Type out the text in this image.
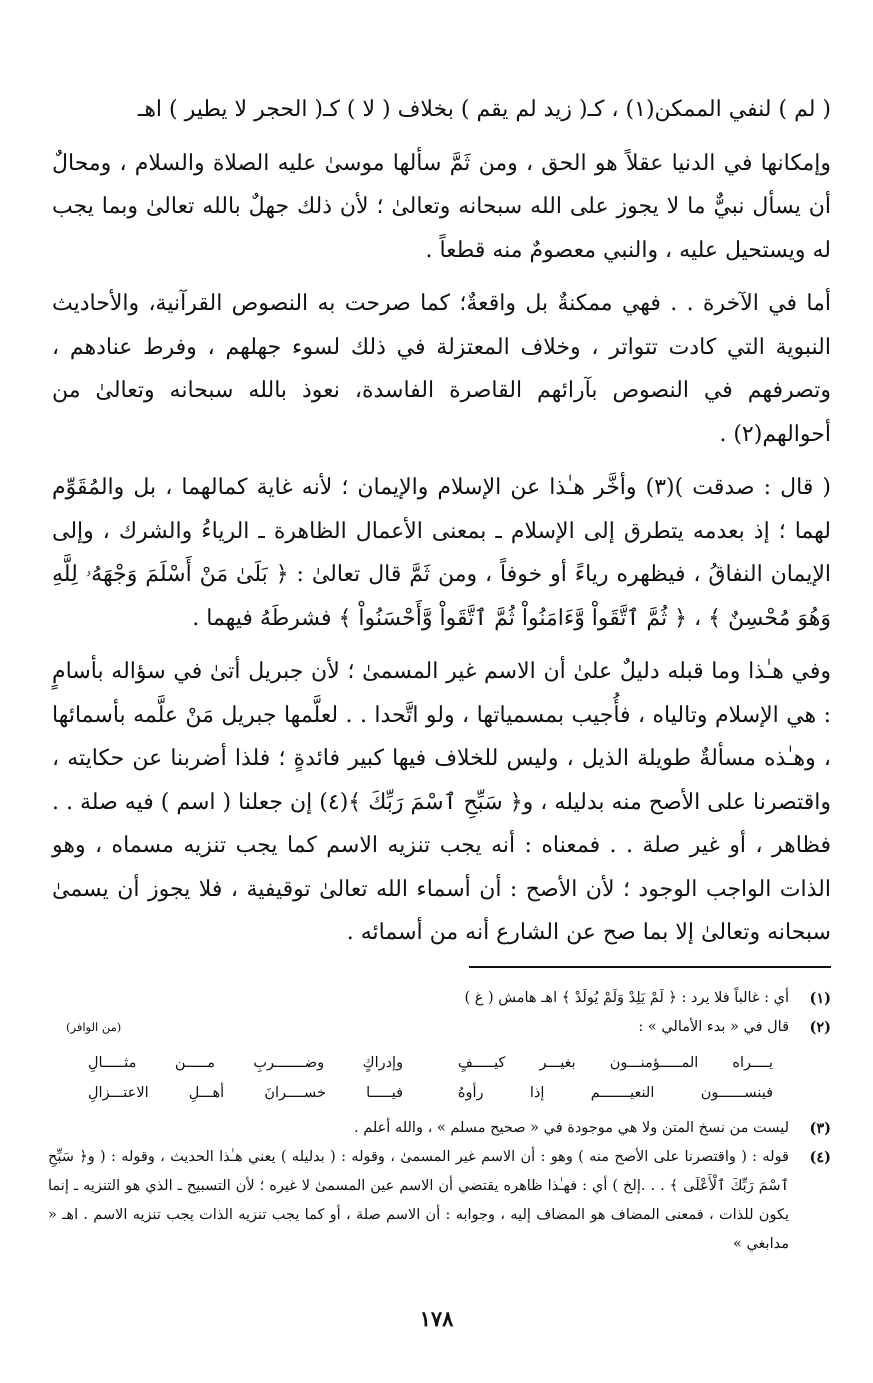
( لم ) لنفي الممكن(١) ، كـ( زيد لم يقم ) بخلاف ( لا ) كـ( الحجر لا يطير ) اهـ

وإمكانها في الدنيا عقلاً هو الحق ، ومن ثَمَّ سألها موسىٰ عليه الصلاة والسلام ، ومحالٌ أن يسأل نبيٌّ ما لا يجوز على الله سبحانه وتعالىٰ ؛ لأن ذلك جهلٌ بالله تعالىٰ وبما يجب له ويستحيل عليه ، والنبي معصومٌ منه قطعاً .

أما في الآخرة . . فهي ممكنةٌ بل واقعةٌ؛ كما صرحت به النصوص القرآنية، والأحاديث النبوية التي كادت تتواتر ، وخلاف المعتزلة في ذلك لسوء جهلهم ، وفرط عنادهم ، وتصرفهم في النصوص بآرائهم القاصرة الفاسدة، نعوذ بالله سبحانه وتعالىٰ من أحوالهم(٢) .

( قال : صدقت )(٣) وأخَّر هـٰذا عن الإسلام والإيمان ؛ لأنه غاية كمالهما ، بل والمُقَوِّم لهما ؛ إذ بعدمه يتطرق إلى الإسلام ـ بمعنى الأعمال الظاهرة ـ الرياءُ والشرك ، وإلى الإيمان النفاقُ ، فيظهره رياءً أو خوفاً ، ومن ثَمَّ قال تعالىٰ : ﴿ بَلَىٰ مَنْ أَسْلَمَ وَجْهَهُۥ لِلَّهِ وَهُوَ مُحْسِنٌ ﴾ ، ﴿ ثُمَّ ٱتَّقَواْ وَّءَامَنُواْ ثُمَّ ٱتَّقَواْ وَّأَحْسَنُواْ ﴾ فشرطَهُ فيهما .

وفي هـٰذا وما قبله دليلٌ علىٰ أن الاسم غير المسمىٰ ؛ لأن جبريل أتىٰ في سؤاله بأسامٍ : هي الإسلام وتالياه ، فأُجيب بمسمياتها ، ولو اتَّحدا . . لعلَّمها جبريل مَنْ علَّمه بأسمائها ، وهـٰذه مسألةٌ طويلة الذيل ، وليس للخلاف فيها كبير فائدةٍ ؛ فلذا أضربنا عن حكايته ، واقتصرنا على الأصح منه بدليله ، و﴿ سَبِّحِ ٱسْمَ رَبِّكَ ﴾(٤) إن جعلنا ( اسم ) فيه صلة . . فظاهر ، أو غير صلة . . فمعناه : أنه يجب تنزيه الاسم كما يجب تنزيه مسماه ، وهو الذات الواجب الوجود ؛ لأن الأصح : أن أسماء الله تعالىٰ توقيفية ، فلا يجوز أن يسمىٰ سبحانه وتعالىٰ إلا بما صح عن الشارع أنه من أسمائه .

(١)
أي : غالباً فلا يرد : ﴿ لَمْ يَلِدْ وَلَمْ يُولَدْ ﴾ اهـ هامش ( غ )
(٢)
قال في « بدء الأمالي » :
(من الوافر)
يــــراه المـــــؤمنـــون بغيـــر كيـــــفٍ
وإدراكٍ وضـــــــربِ مـــــن مثـــــالِ
فينســــــون النعيـــــــم إذا رأوهُ
فيـــــا خســــرانَ أهـــلِ الاعتـــزالِ
(٣)
ليست من نسخ المتن ولا هي موجودة في « صحيح مسلم » ، والله أعلم .
(٤)
قوله : ( واقتصرنا على الأصح منه ) وهو : أن الاسم غير المسمىٰ ، وقوله : ( بدليله ) يعني هـٰذا الحديث ، وقوله : ( و﴿ سَبِّحِ ٱسْمَ رَبِّكَ ٱلْأَعْلَى ﴾ . . .إلخ ) أي : فهـٰذا ظاهره يقتضي أن الاسم عين المسمىٰ لا غيره ؛ لأن التسبيح ـ الذي هو التنزيه ـ إنما يكون للذات ، فمعنى المضاف هو المضاف إليه ، وجوابه : أن الاسم صلة ، أو كما يجب تنزيه الذات يجب تنزيه الاسم . اهـ « مدابغي »
١٧٨
